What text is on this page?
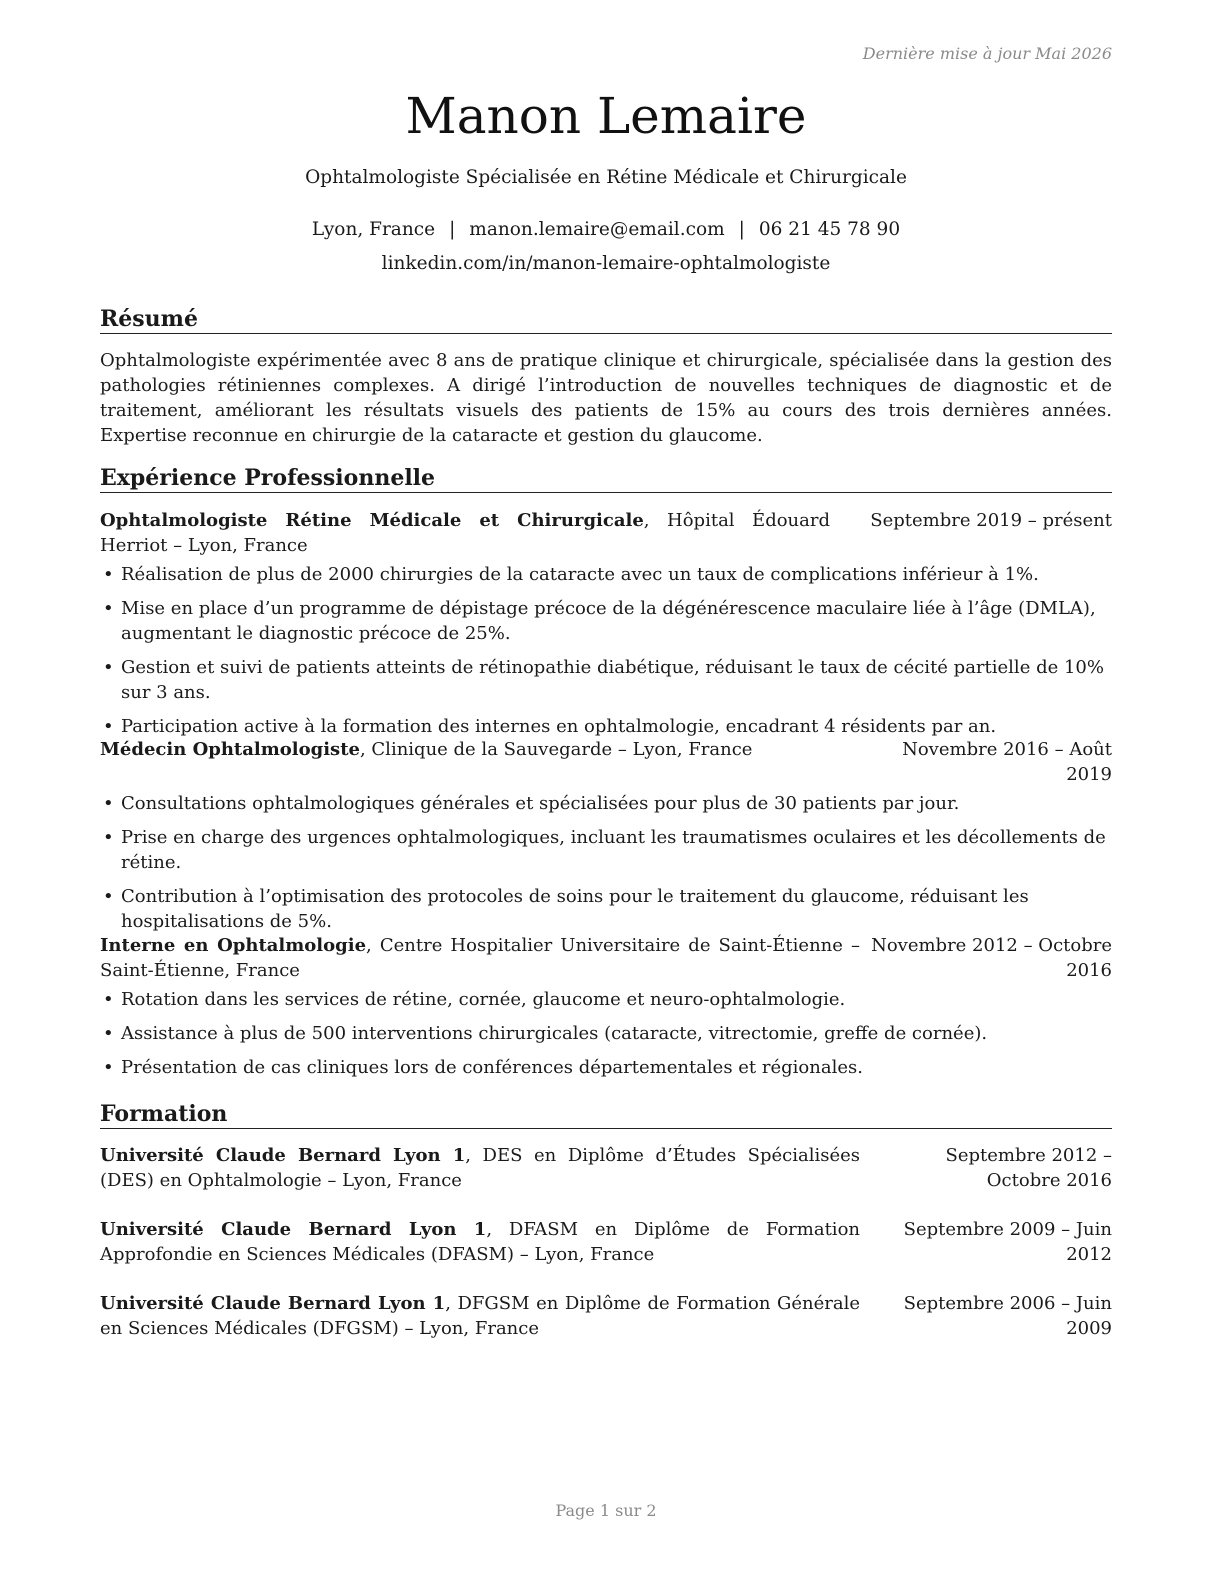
Dernière mise à jour Mai 2026
Manon Lemaire
Ophtalmologiste Spécialisée en Rétine Médicale et Chirurgicale
Lyon, France | manon.lemaire@email.com | 06 21 45 78 90
linkedin.com/in/manon-lemaire-ophtalmologiste
Résumé
Ophtalmologiste expérimentée avec 8 ans de pratique clinique et chirurgicale, spécialisée dans la gestion des pathologies rétiniennes complexes. A dirigé l’introduction de nouvelles techniques de diagnostic et de traitement, améliorant les résultats visuels des patients de 15% au cours des trois dernières années. Expertise reconnue en chirurgie de la cataracte et gestion du glaucome.
Expérience Professionnelle
Ophtalmologiste Rétine Médicale et Chirurgicale, Hôpital Édouard Herriot – Lyon, France
Septembre 2019 – présent
• Réalisation de plus de 2000 chirurgies de la cataracte avec un taux de complications inférieur à 1%.
• Mise en place d’un programme de dépistage précoce de la dégénérescence maculaire liée à l’âge (DMLA), augmentant le diagnostic précoce de 25%.
• Gestion et suivi de patients atteints de rétinopathie diabétique, réduisant le taux de cécité partielle de 10% sur 3 ans.
• Participation active à la formation des internes en ophtalmologie, encadrant 4 résidents par an.
Médecin Ophtalmologiste, Clinique de la Sauvegarde – Lyon, France	Novembre 2016 – Août 2019
• Consultations ophtalmologiques générales et spécialisées pour plus de 30 patients par jour.
• Prise en charge des urgences ophtalmologiques, incluant les traumatismes oculaires et les décollements de rétine.
• Contribution à l’optimisation des protocoles de soins pour le traitement du glaucome, réduisant les hospitalisations de 5%.
Interne en Ophtalmologie, Centre Hospitalier Universitaire de Saint-Étienne – Saint-Étienne, France
Novembre 2012 – Octobre 2016
• Rotation dans les services de rétine, cornée, glaucome et neuro-ophtalmologie.
• Assistance à plus de 500 interventions chirurgicales (cataracte, vitrectomie, greffe de cornée).
• Présentation de cas cliniques lors de conférences départementales et régionales.
Formation
Université Claude Bernard Lyon 1, DES en Diplôme d’Études Spécialisées (DES) en Ophtalmologie – Lyon, France
Septembre 2012 – Octobre 2016
Université Claude Bernard Lyon 1, DFASM en Diplôme de Formation Approfondie en Sciences Médicales (DFASM) – Lyon, France
Septembre 2009 – Juin 2012
Université Claude Bernard Lyon 1, DFGSM en Diplôme de Formation Générale en Sciences Médicales (DFGSM) – Lyon, France
Septembre 2006 – Juin 2009
Page 1 sur 2
